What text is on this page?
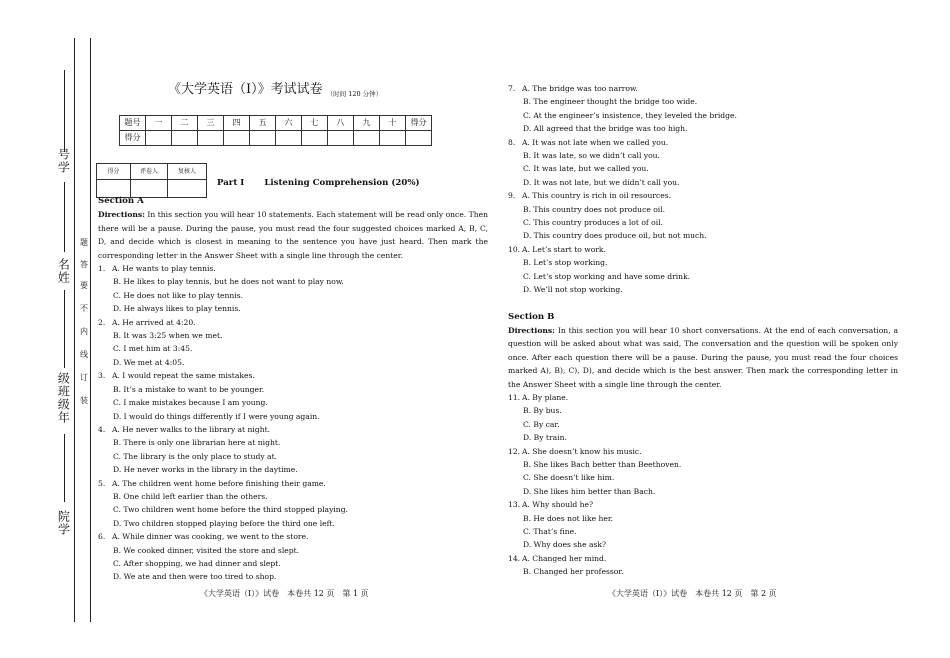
号学
名姓
级班级年
院学
题
答
要
不
内
线
订
装
《大学英语（I）》考试试卷 $_{(时间 120 分钟)}$
题号	一	二	三	四	五	六	七	八	九	十	得分
得分											
得分	评卷人	复核人

Part I Listening Comprehension (20%)
Section A
Directions: In this section you will hear 10 statements. Each statement will be read only once. Then there will be a pause. During the pause, you must read the four suggested choices marked A, B, C, D, and decide which is closest in meaning to the sentence you have just heard. Then mark the corresponding letter in the Answer Sheet with a single line through the center.
1. A. He wants to play tennis.
B. He likes to play tennis, but he does not want to play now.
C. He does not like to play tennis.
D. He always likes to play tennis.
2. A. He arrived at 4:20.
B. It was 3:25 when we met.
C. I met him at 3:45.
D. We met at 4:05.
3. A. I would repeat the same mistakes.
B. It’s a mistake to want to be younger.
C. I make mistakes because I am young.
D. I would do things differently if I were young again.
4. A. He never walks to the library at night.
B. There is only one librarian here at night.
C. The library is the only place to study at.
D. He never works in the library in the daytime.
5. A. The children went home before finishing their game.
B. One child left earlier than the others.
C. Two children went home before the third stopped playing.
D. Two children stopped playing before the third one left.
6. A. While dinner was cooking, we went to the store.
B. We cooked dinner, visited the store and slept.
C. After shopping, we had dinner and slept.
D. We ate and then were too tired to shop.
7. A. The bridge was too narrow.
B. The engineer thought the bridge too wide.
C. At the engineer’s insistence, they leveled the bridge.
D. All agreed that the bridge was too high.
8. A. It was not late when we called you.
B. It was late, so we didn’t call you.
C. It was late, but we called you.
D. It was not late, but we didn’t call you.
9. A. This country is rich in oil resources.
B. This country does not produce oil.
C. This country produces a lot of oil.
D. This country does produce oil, but not much.
10. A. Let’s start to work.
B. Let’s stop working.
C. Let’s stop working and have some drink.
D. We’ll not stop working.
Section B
Directions: In this section you will hear 10 short conversations. At the end of each conversation, a question will be asked about what was said, The conversation and the question will be spoken only once. After each question there will be a pause. During the pause, you must read the four choices marked A), B), C), D), and decide which is the best answer. Then mark the corresponding letter in the Answer Sheet with a single line through the center.
11. A. By plane.
B. By bus.
C. By car.
D. By train.
12. A. She doesn’t know his music.
B. She likes Bach better than Beethoven.
C. She doesn’t like him.
D. She likes him better than Bach.
13. A. Why should he?
B. He does not like her.
C. That’s fine.
D. Why does she ask?
14. A. Changed her mind.
B. Changed her professor.
《大学英语（I）》试卷　本卷共 12 页　第 1 页	《大学英语（I）》试卷　本卷共 12 页　第 2 页
